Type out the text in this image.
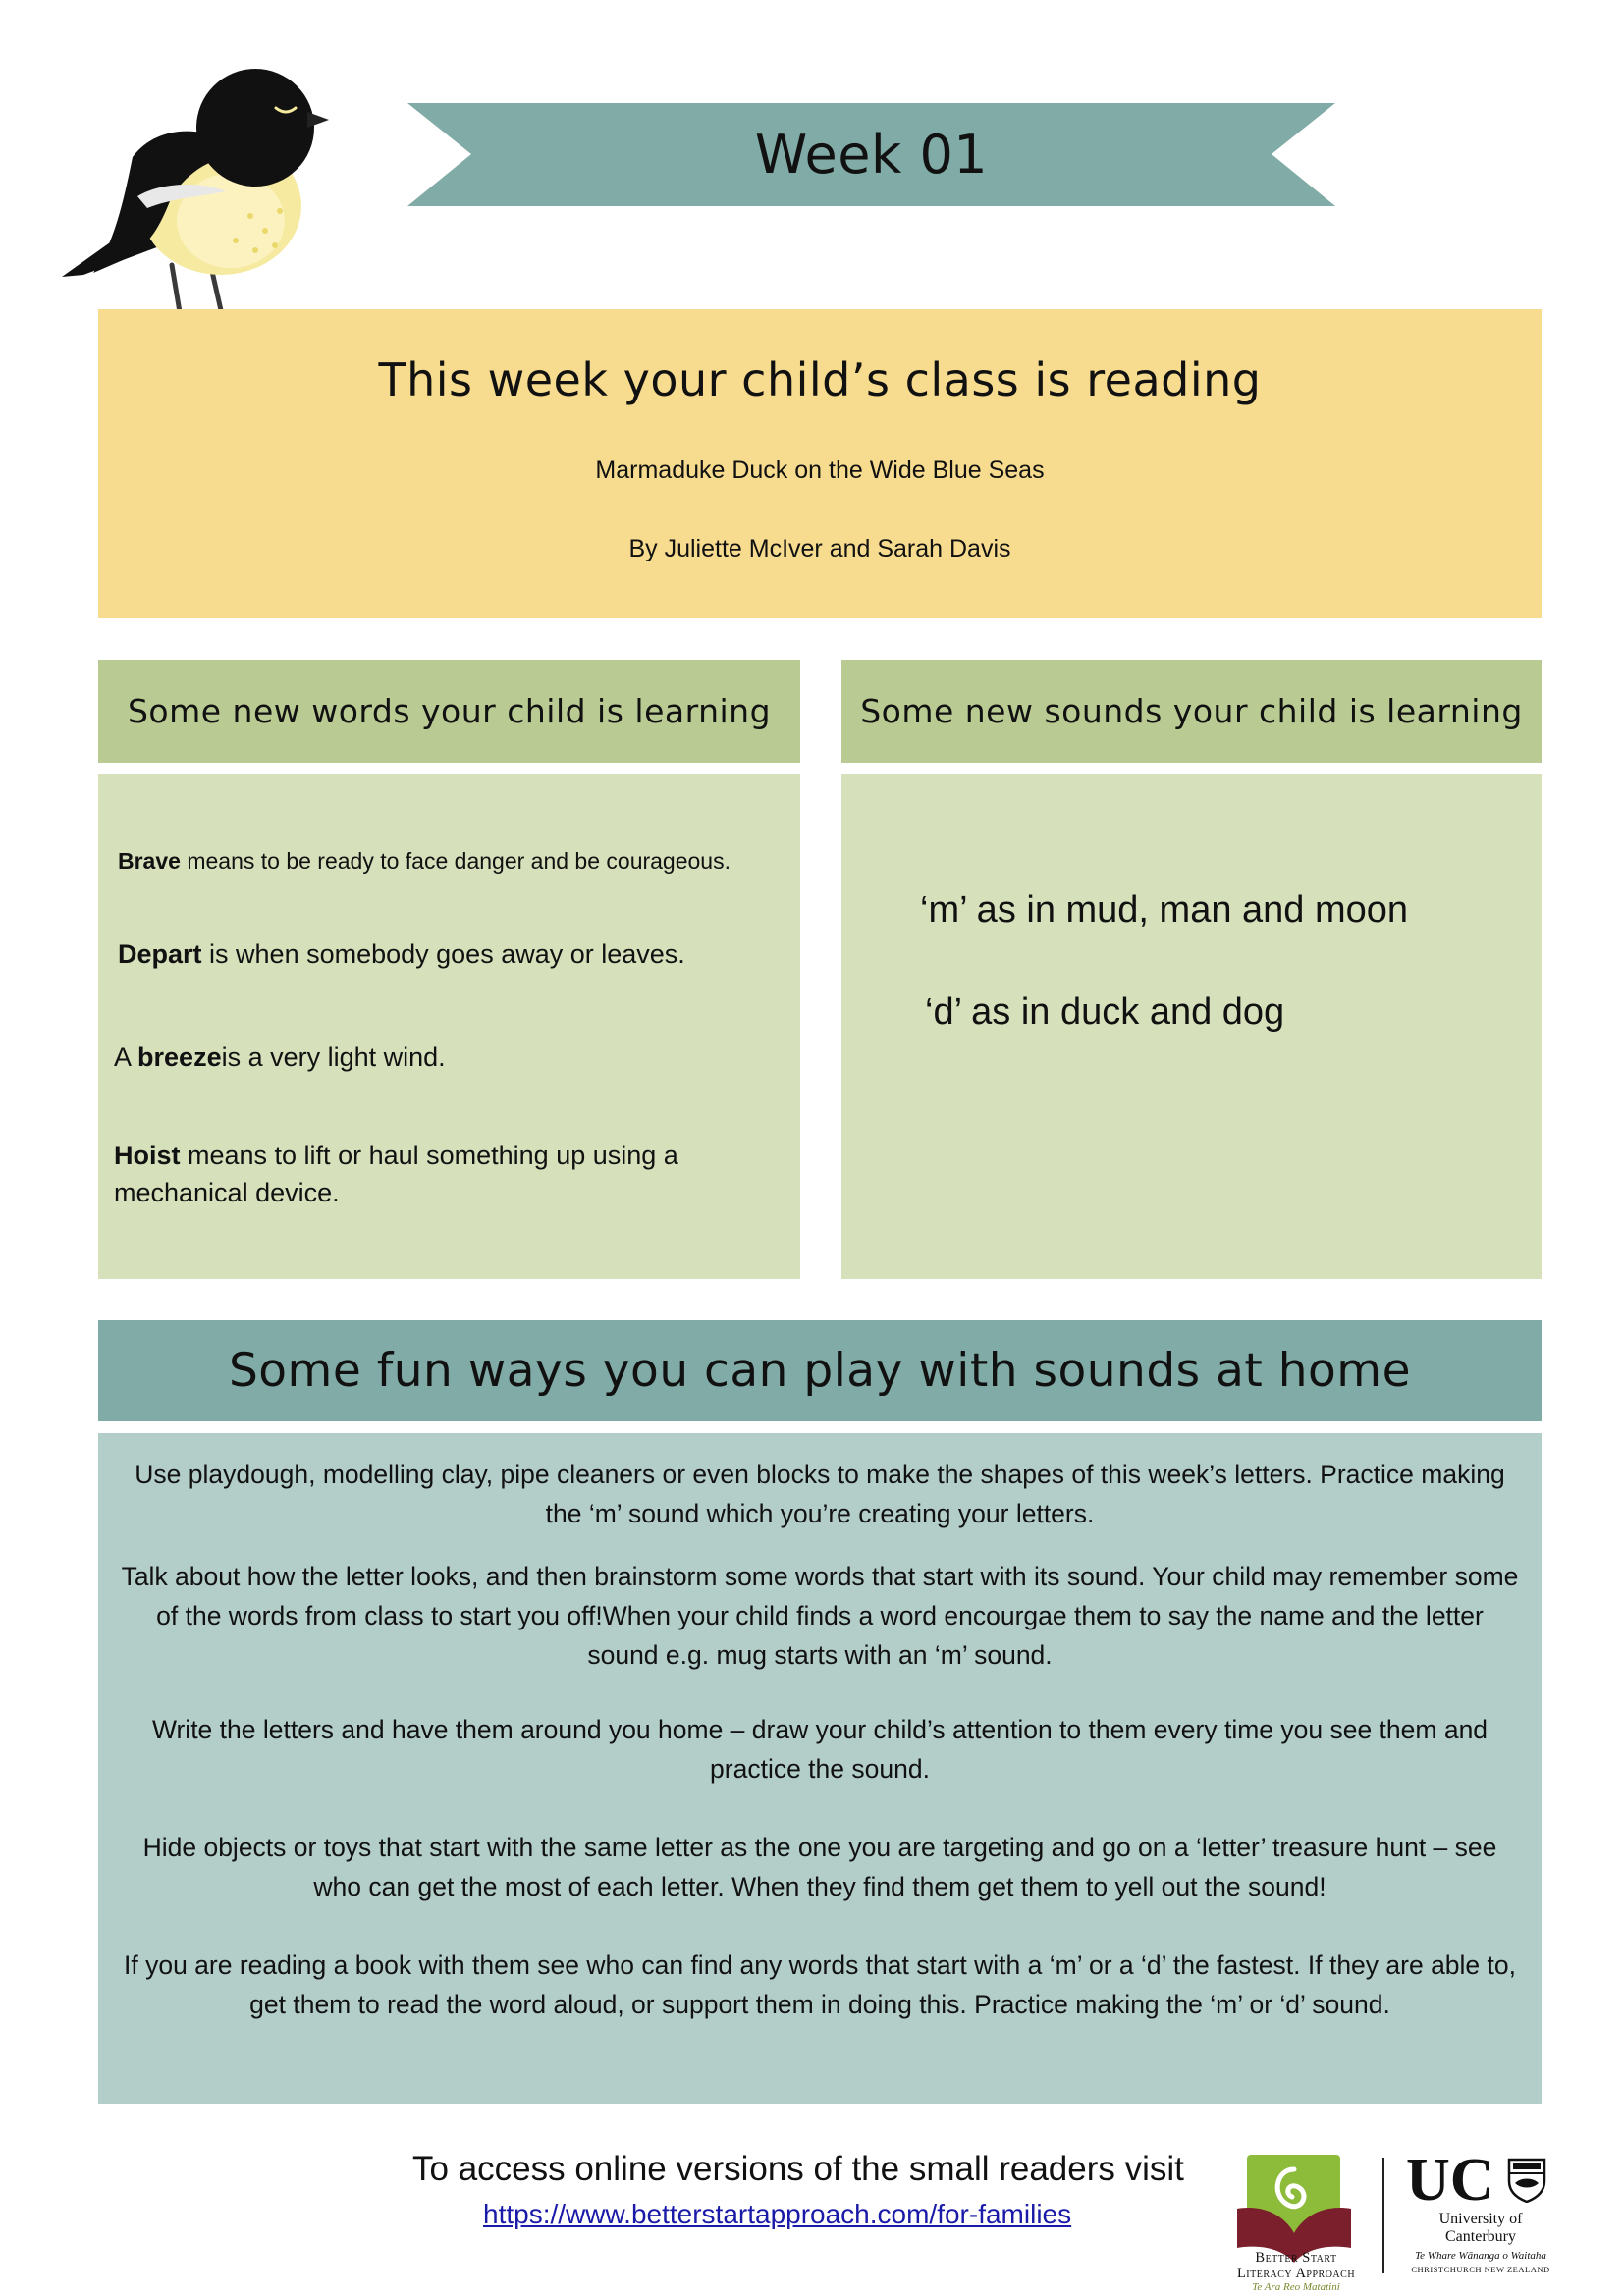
Week 01
This week your child’s class is reading
Marmaduke Duck on the Wide Blue Seas
By Juliette McIver and Sarah Davis
Some new words your child is learning
Brave means to be ready to face danger and be courageous.
Depart is when somebody goes away or leaves.
A breezeis a very light wind.
Hoist means to lift or haul something up using a mechanical device.
Some new sounds your child is learning
‘m’ as in mud, man and moon
‘d’ as in duck and dog
Some fun ways you can play with sounds at home
Use playdough, modelling clay, pipe cleaners or even blocks to make the shapes of this week’s letters. Practice making the ‘m’ sound which you’re creating your letters.
Talk about how the letter looks, and then brainstorm some words that start with its sound. Your child may remember some of the words from class to start you off!When your child finds a word encourgae them to say the name and the letter sound e.g. mug starts with an ‘m’ sound.
Write the letters and have them around you home – draw your child’s attention to them every time you see them and practice the sound.
Hide objects or toys that start with the same letter as the one you are targeting and go on a ‘letter’ treasure hunt – see who can get the most of each letter. When they find them get them to yell out the sound!
If you are reading a book with them see who can find any words that start with a ‘m’ or a ‘d’ the fastest. If they are able to, get them to read the word aloud, or support them in doing this. Practice making the ‘m’ or ‘d’ sound.
To access online versions of the small readers visit
https://www.betterstartapproach.com/for-families
Better Start
Literacy Approach
Te Ara Reo Matatini
UC
University of
Canterbury
Te Whare Wānanga o Waitaha
CHRISTCHURCH NEW ZEALAND
